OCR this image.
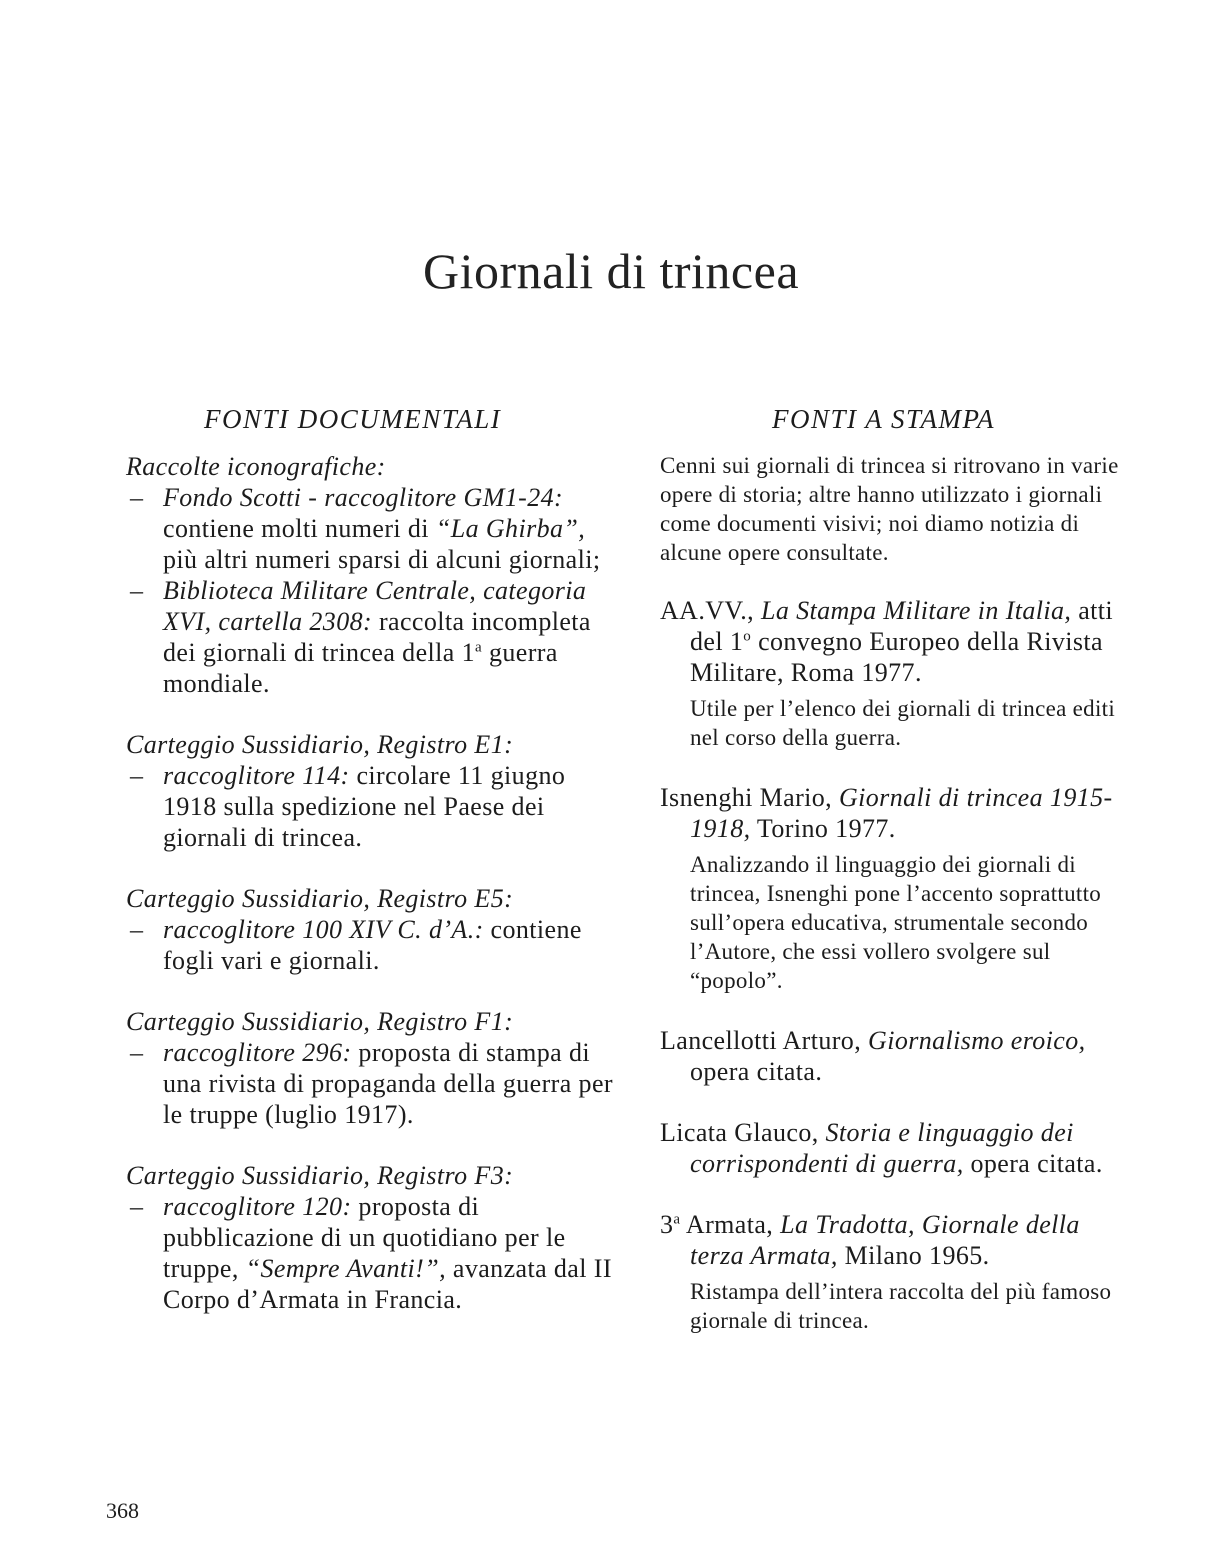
Giornali di trincea
FONTI DOCUMENTALI
Raccolte iconografiche:
– Fondo Scotti - raccoglitore GM1-24: contiene molti numeri di “La Ghirba”, più altri numeri sparsi di alcuni giornali;
– Biblioteca Militare Centrale, categoria XVI, cartella 2308: raccolta incompleta dei giornali di trincea della 1$^a$ guerra mondiale.
Carteggio Sussidiario, Registro E1:
– raccoglitore 114: circolare 11 giugno 1918 sulla spedizione nel Paese dei giornali di trincea.
Carteggio Sussidiario, Registro E5:
– raccoglitore 100 XIV C. d’A.: contiene fogli vari e giornali.
Carteggio Sussidiario, Registro F1:
– raccoglitore 296: proposta di stampa di una rivista di propaganda della guerra per le truppe (luglio 1917).
Carteggio Sussidiario, Registro F3:
– raccoglitore 120: proposta di pubblicazione di un quotidiano per le truppe, “Sempre Avanti!”, avanzata dal II Corpo d’Armata in Francia.
FONTI A STAMPA
Cenni sui giornali di trincea si ritrovano in varie opere di storia; altre hanno utilizzato i giornali come documenti visivi; noi diamo notizia di alcune opere consultate.
AA.VV., La Stampa Militare in Italia, atti del 1$^o$ convegno Europeo della Rivista Militare, Roma 1977.
Utile per l’elenco dei giornali di trincea editi nel corso della guerra.
Isnenghi Mario, Giornali di trincea 1915-1918, Torino 1977.
Analizzando il linguaggio dei giornali di trincea, Isnenghi pone l’accento soprattutto sull’opera educativa, strumentale secondo l’Autore, che essi vollero svolgere sul “popolo”.
Lancellotti Arturo, Giornalismo eroico, opera citata.
Licata Glauco, Storia e linguaggio dei corrispondenti di guerra, opera citata.
3$^a$ Armata, La Tradotta, Giornale della terza Armata, Milano 1965.
Ristampa dell’intera raccolta del più famoso giornale di trincea.
368
